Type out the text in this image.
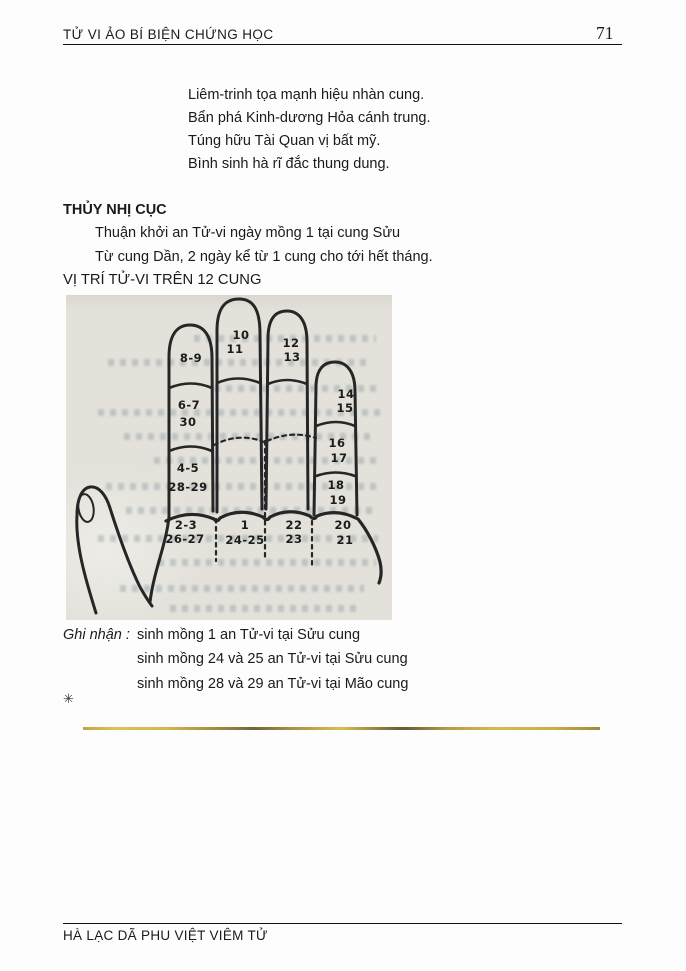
TỬ VI ẢO BÍ BIỆN CHỨNG HỌC	71
Liêm-trinh tọa mạnh hiệu nhàn cung.
Bẩn phá Kinh-dương Hỏa cánh trung.
Túng hữu Tài Quan vị bất mỹ.
Bình sinh hà rĩ đắc thung dung.
THỦY NHỊ CỤC
Thuận khởi an Tử-vi ngày mồng 1 tại cung Sửu
Từ cung Dần, 2 ngày kể từ 1 cung cho tới hết tháng.
VỊ TRÍ TỬ-VI TRÊN 12 CUNG
8-9
6-7
30
4-5
28-29
2-3
26-27
10
11
1
24-25
12
13
22
23
14
15
16
17
18
19
20
21
Ghi nhận : sinh mồng 1 an Tử-vi tại Sửu cung
sinh mồng 24 và 25 an Tử-vi tại Sửu cung
sinh mồng 28 và 29 an Tử-vi tại Mão cung
✳
HÀ LẠC DÃ PHU VIỆT VIÊM TỬ
